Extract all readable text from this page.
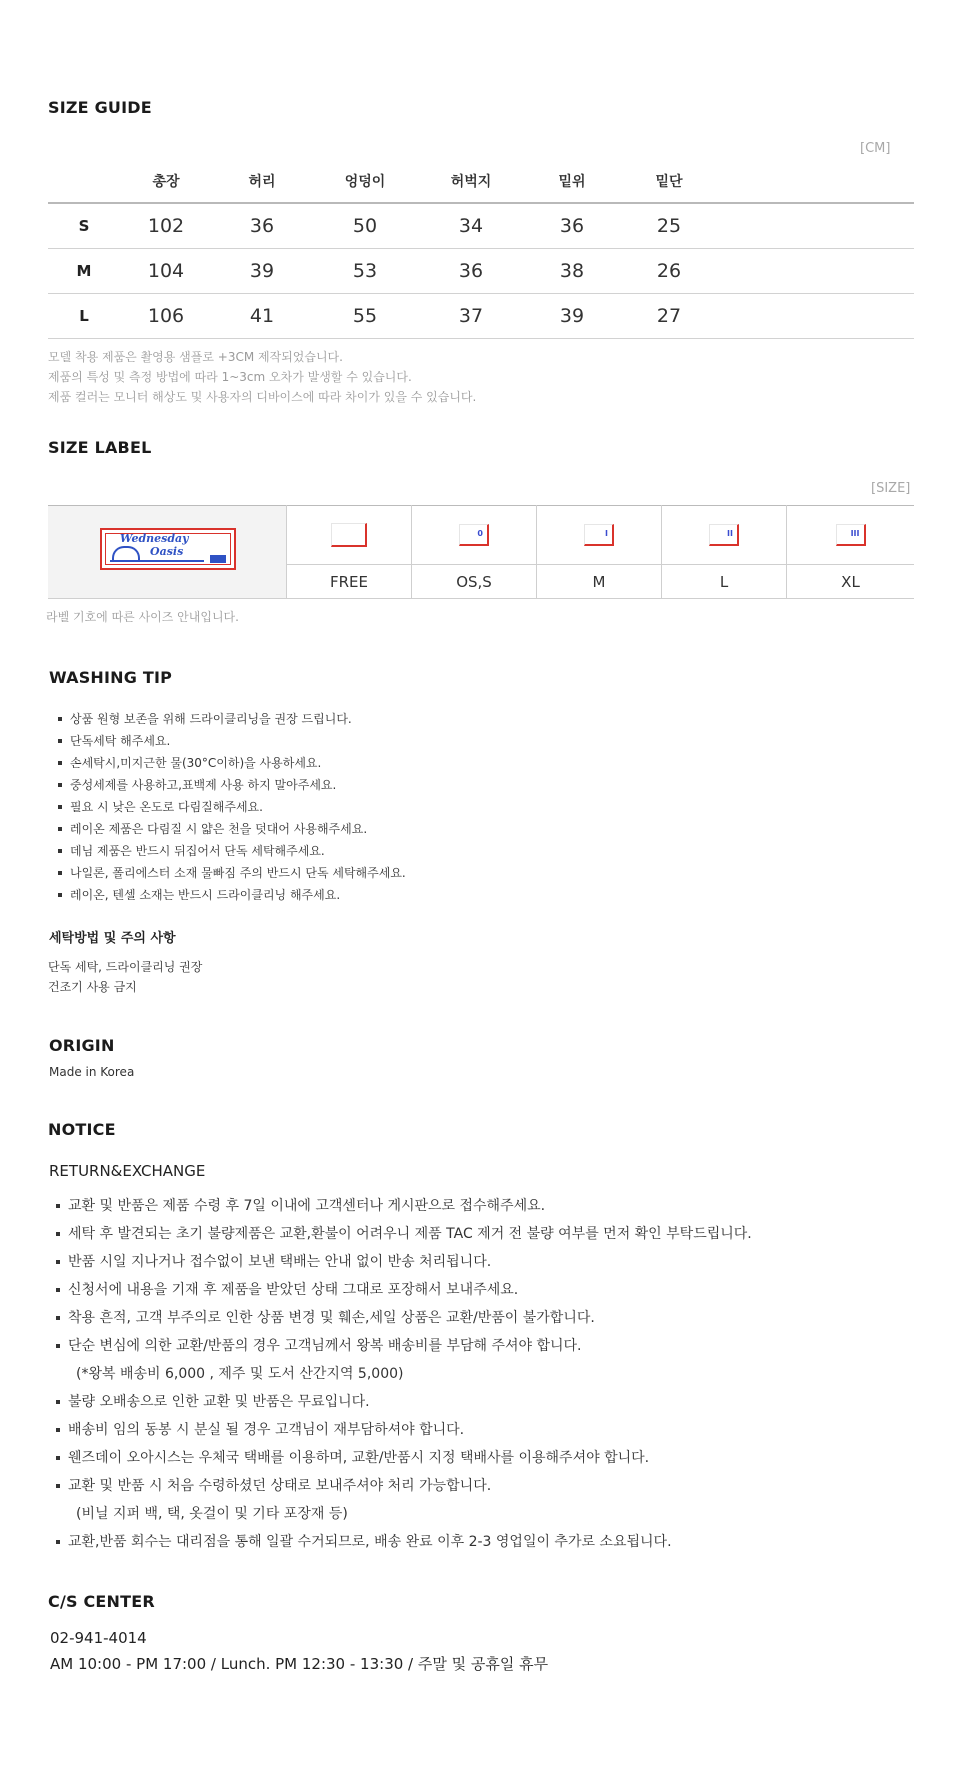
SIZE GUIDE
[CM]
	총장	허리	엉덩이	허벅지	밑위	밑단	
S	102	36	50	34	36	25	
M	104	39	53	36	38	26	
L	106	41	55	37	39	27	
모델 착용 제품은 촬영용 샘플로 +3CM 제작되었습니다.
제품의 특성 및 측정 방법에 따라 1~3cm 오차가 발생할 수 있습니다.
제품 컬러는 모니터 해상도 및 사용자의 디바이스에 따라 차이가 있을 수 있습니다.
SIZE LABEL
[SIZE]
Wednesday
Oasis		0	I	II	III

	FREE	OS,S	M	L	XL
라벨 기호에 따른 사이즈 안내입니다.
WASHING TIP
상품 원형 보존을 위해 드라이클리닝을 권장 드립니다.
단독세탁 해주세요.
손세탁시,미지근한 물(30°C이하)을 사용하세요.
중성세제를 사용하고,표백제 사용 하지 말아주세요.
필요 시 낮은 온도로 다림질해주세요.
레이온 제품은 다림질 시 얇은 천을 덧대어 사용해주세요.
데님 제품은 반드시 뒤집어서 단독 세탁해주세요.
나일론, 폴리에스터 소재 물빠짐 주의 반드시 단독 세탁해주세요.
레이온, 텐셀 소재는 반드시 드라이클리닝 해주세요.
세탁방법 및 주의 사항
단독 세탁, 드라이클리닝 권장
건조기 사용 금지
ORIGIN
Made in Korea
NOTICE
RETURN&EXCHANGE
교환 및 반품은 제품 수령 후 7일 이내에 고객센터나 게시판으로 접수해주세요.
세탁 후 발견되는 초기 불량제품은 교환,환불이 어려우니 제품 TAC 제거 전 불량 여부를 먼저 확인 부탁드립니다.
반품 시일 지나거나 접수없이 보낸 택배는 안내 없이 반송 처리됩니다.
신청서에 내용을 기재 후 제품을 받았던 상태 그대로 포장해서 보내주세요.
착용 흔적, 고객 부주의로 인한 상품 변경 및 훼손,세일 상품은 교환/반품이 불가합니다.
단순 변심에 의한 교환/반품의 경우 고객님께서 왕복 배송비를 부담해 주셔야 합니다.
(*왕복 배송비 6,000 , 제주 및 도서 산간지역 5,000)
불량 오배송으로 인한 교환 및 반품은 무료입니다.
배송비 임의 동봉 시 분실 될 경우 고객님이 재부담하셔야 합니다.
웬즈데이 오아시스는 우체국 택배를 이용하며, 교환/반품시 지정 택배사를 이용해주셔야 합니다.
교환 및 반품 시 처음 수령하셨던 상태로 보내주셔야 처리 가능합니다.
(비닐 지퍼 백, 택, 옷걸이 및 기타 포장재 등)
교환,반품 회수는 대리점을 통해 일괄 수거되므로, 배송 완료 이후 2-3 영업일이 추가로 소요됩니다.
C/S CENTER
02-941-4014
AM 10:00 - PM 17:00 / Lunch. PM 12:30 - 13:30 / 주말 및 공휴일 휴무
